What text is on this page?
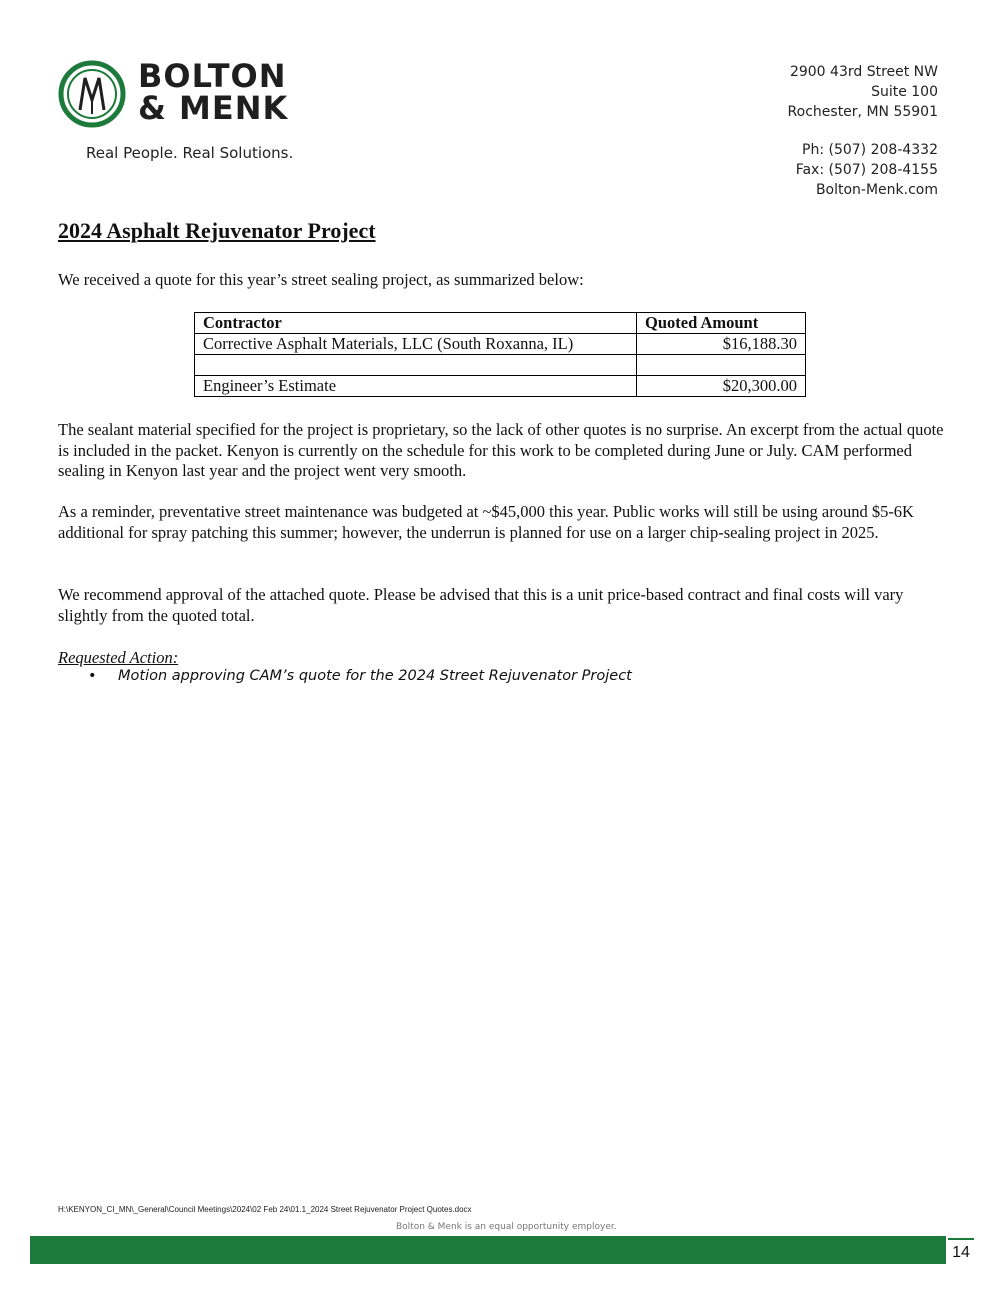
BOLTON
& MENK
Real People. Real Solutions.
2900 43rd Street NW
Suite 100
Rochester, MN 55901
Ph: (507) 208-4332
Fax: (507) 208-4155
Bolton-Menk.com
2024 Asphalt Rejuvenator Project

We received a quote for this year’s street sealing project, as summarized below:

Contractor	Quoted Amount
Corrective Asphalt Materials, LLC (South Roxanna, IL)	$16,188.30

Engineer’s Estimate	$20,300.00

The sealant material specified for the project is proprietary, so the lack of other quotes is no surprise. An excerpt from the actual quote is included in the packet. Kenyon is currently on the schedule for this work to be completed during June or July. CAM performed sealing in Kenyon last year and the project went very smooth.

As a reminder, preventative street maintenance was budgeted at ~$45,000 this year. Public works will still be using around $5-6K additional for spray patching this summer; however, the underrun is planned for use on a larger chip-sealing project in 2025.

We recommend approval of the attached quote. Please be advised that this is a unit price-based contract and final costs will vary slightly from the quoted total.

Requested Action:

• Motion approving CAM’s quote for the 2024 Street Rejuvenator Project
H:\KENYON_CI_MN\_General\Council Meetings\2024\02 Feb 24\01.1_2024 Street Rejuvenator Project Quotes.docx
Bolton & Menk is an equal opportunity employer.
14
